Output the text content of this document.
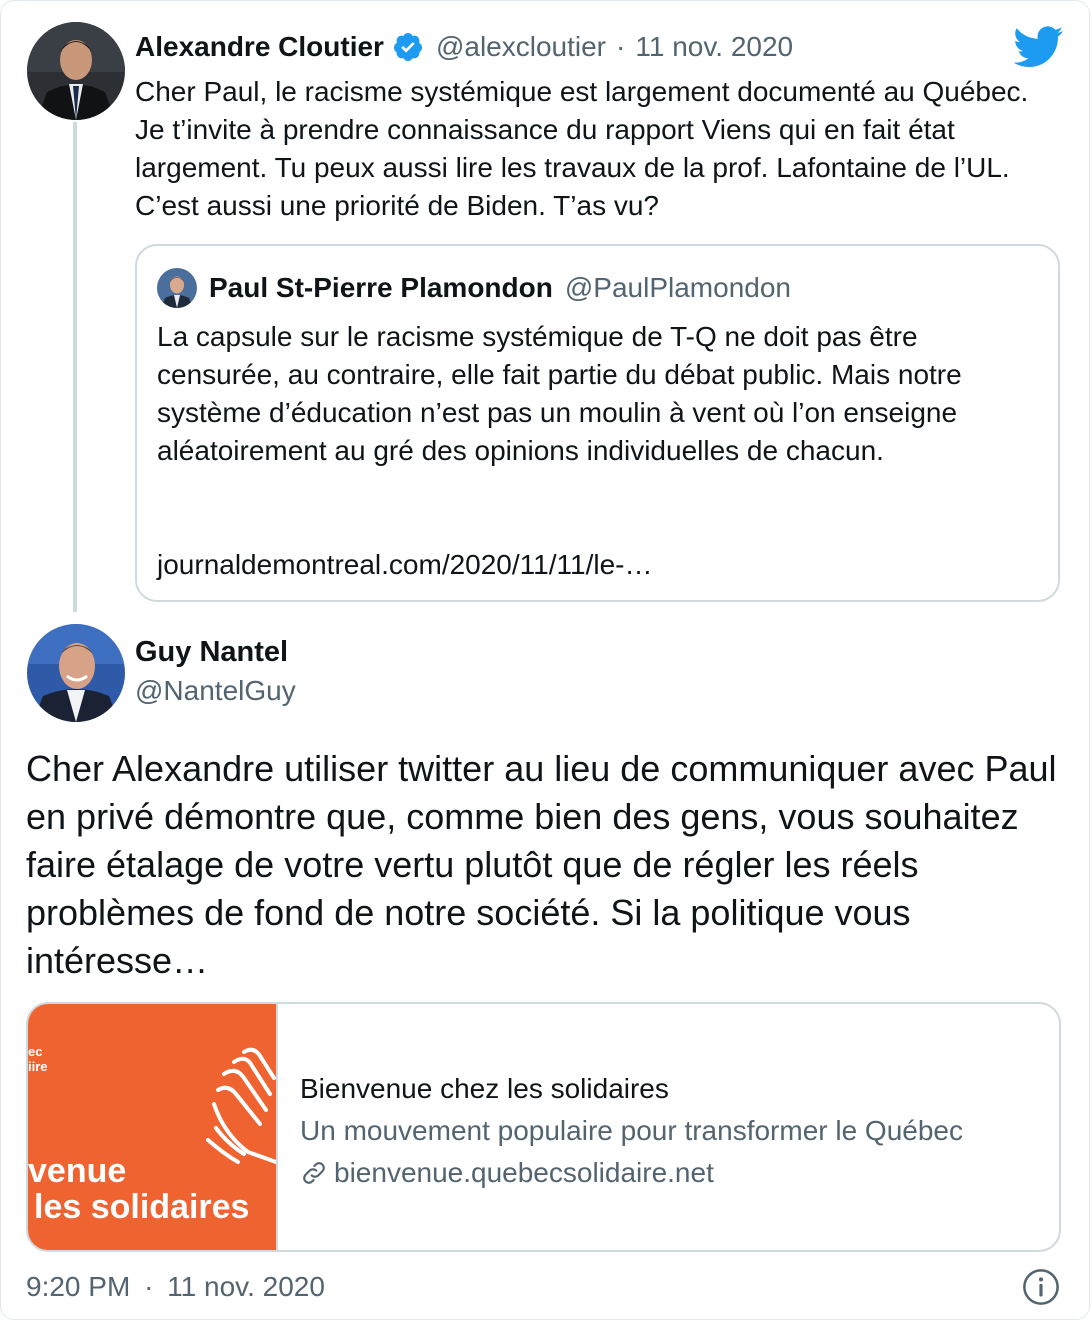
Alexandre Cloutier @alexcloutier · 11 nov. 2020
Cher Paul, le racisme systémique est largement documenté au Québec. Je t’invite à prendre connaissance du rapport Viens qui en fait état largement. Tu peux aussi lire les travaux de la prof. Lafontaine de l’UL. C’est aussi une priorité de Biden. T’as vu?
Paul St-Pierre Plamondon @PaulPlamondon
La capsule sur le racisme systémique de T-Q ne doit pas être censurée, au contraire, elle fait partie du débat public. Mais notre système d’éducation n’est pas un moulin à vent où l’on enseigne aléatoirement au gré des opinions individuelles de chacun.
journaldemontreal.com/2020/11/11/le-…
Guy Nantel
@NantelGuy
Cher Alexandre utiliser twitter au lieu de communiquer avec Paul en privé démontre que, comme bien des gens, vous souhaitez faire étalage de votre vertu plutôt que de régler les réels problèmes de fond de notre société. Si la politique vous intéresse…
ec
iire
venue
les solidaires
Bienvenue chez les solidaires
Un mouvement populaire pour transformer le Québec
bienvenue.quebecsolidaire.net
9:20 PM · 11 nov. 2020
